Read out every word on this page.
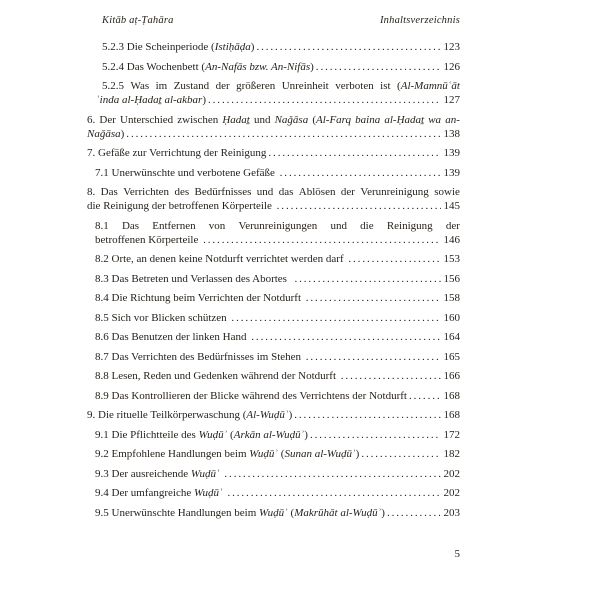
Kitāb aṭ-Ṭahāra	Inhaltsverzeichnis
5.2.3 Die Scheinperiode ( Istiḥāḍa ) .....	123
5.2.4 Das Wochenbett ( An-Nafās bzw. An-Nifās ) .....	126
5.2.5 Was im Zustand der größeren Unreinheit verboten ist (Al-Mamnūʿāt
ʿinda al-Ḥadaṯ al-akbar ) .....	127
6. Der Unterschied zwischen Ḥadaṯ und Naǧāsa (Al-Farq baina al-Ḥadaṯ wa an-
Naǧāsa ) .....	138
7. Gefäße zur Verrichtung der Reinigung .....	139
7.1 Unerwünschte und verbotene Gefäße .....	139
8. Das Verrichten des Bedürfnisses und das Ablösen der Verunreinigung sowie
die Reinigung der betroffenen Körperteile .....	145
8.1 Das Entfernen von Verunreinigungen und die Reinigung der
betroffenen Körperteile .....	146
8.2 Orte, an denen keine Notdurft verrichtet werden darf .....	153
8.3 Das Betreten und Verlassen des Abortes .....	156
8.4 Die Richtung beim Verrichten der Notdurft .....	158
8.5 Sich vor Blicken schützen .....	160
8.6 Das Benutzen der linken Hand .....	164
8.7 Das Verrichten des Bedürfnisses im Stehen .....	165
8.8 Lesen, Reden und Gedenken während der Notdurft .....	166
8.9 Das Kontrollieren der Blicke während des Verrichtens der Notdurft .....	168
9. Die rituelle Teilkörperwaschung ( Al-Wuḍūʾ ) .....	168
9.1 Die Pflichtteile des Wuḍūʾ ( Arkān al-Wuḍūʾ ) .....	172
9.2 Empfohlene Handlungen beim Wuḍūʾ ( Sunan al-Wuḍūʾ ) .....	182
9.3 Der ausreichende Wuḍūʾ
.....	202
9.4 Der umfangreiche Wuḍūʾ
.....	202
9.5 Unerwünschte Handlungen beim Wuḍūʾ ( Makrūhāt al-Wuḍūʾ ) .....	203
5
